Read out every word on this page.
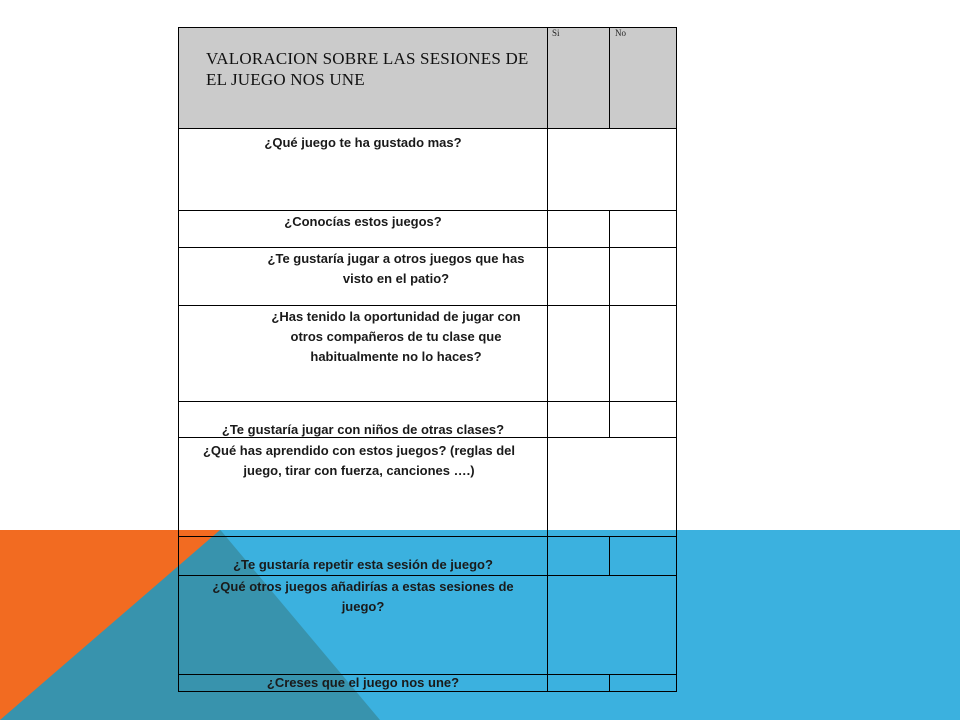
VALORACION SOBRE LAS SESIONES DE EL JUEGO NOS UNE
Si	No
¿Qué juego te ha gustado mas?
¿Conocías estos juegos?
¿Te gustaría jugar a otros juegos que has visto en el patio?
¿Has tenido la oportunidad de jugar con otros compañeros de tu clase que habitualmente no lo haces?
¿Te gustaría jugar con niños de otras clases?
¿Qué has aprendido con estos juegos? (reglas del juego, tirar con fuerza, canciones ….)
¿Te gustaría repetir esta sesión de juego?
¿Qué otros juegos añadirías a estas sesiones de juego?
¿Creses que el juego nos une?
